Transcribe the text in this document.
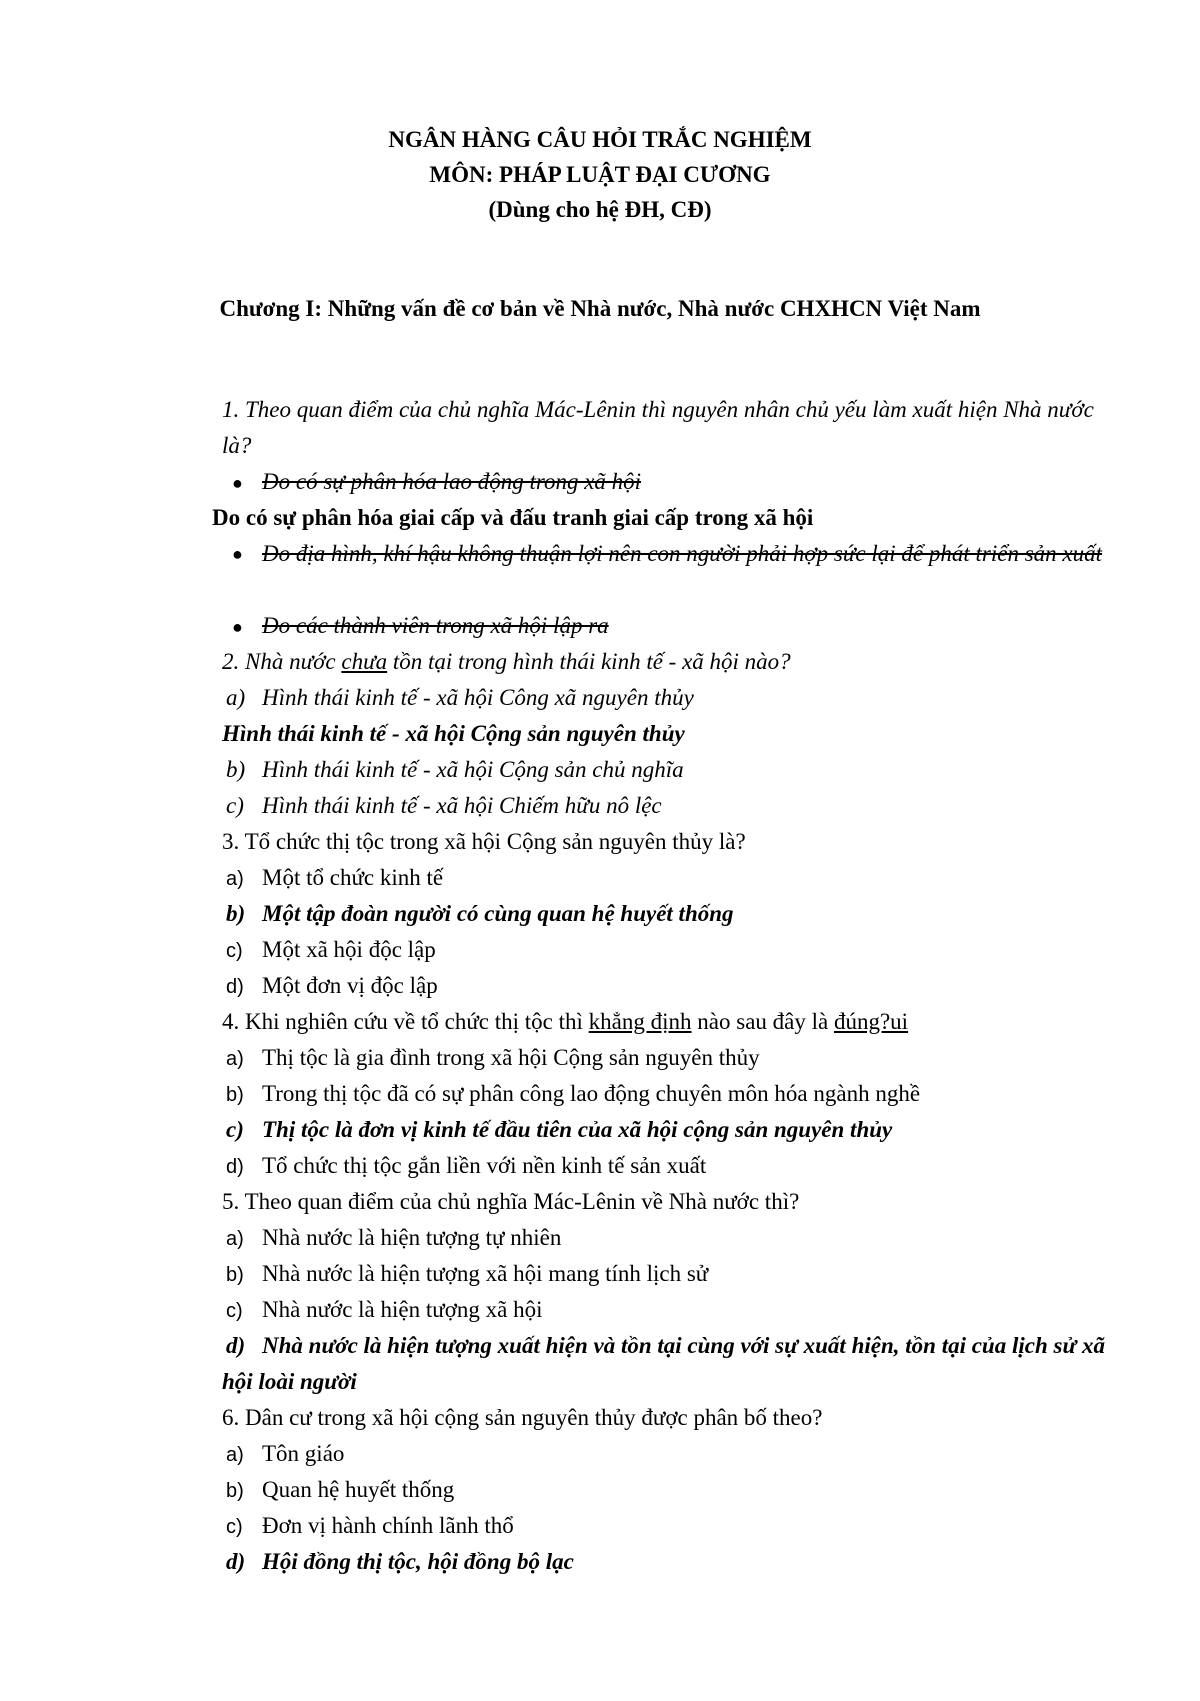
NGÂN HÀNG CÂU HỎI TRẮC NGHIỆM
MÔN: PHÁP LUẬT ĐẠI CƯƠNG
(Dùng cho hệ ĐH, CĐ)
Chương I: Những vấn đề cơ bản về Nhà nước, Nhà nước CHXHCN Việt Nam
1. Theo quan điểm của chủ nghĩa Mác-Lênin thì nguyên nhân chủ yếu làm xuất hiện Nhà nước là?
● Do có sự phân hóa lao động trong xã hội
Do có sự phân hóa giai cấp và đấu tranh giai cấp trong xã hội
● Do địa hình, khí hậu không thuận lợi nên con người phải hợp sức lại để phát triển sản xuất
● Do các thành viên trong xã hội lập ra
2. Nhà nước chưa tồn tại trong hình thái kinh tế - xã hội nào?
a) Hình thái kinh tế - xã hội Công xã nguyên thủy
Hình thái kinh tế - xã hội Cộng sản nguyên thủy
b) Hình thái kinh tế - xã hội Cộng sản chủ nghĩa
c) Hình thái kinh tế - xã hội Chiếm hữu nô lệc
3. Tổ chức thị tộc trong xã hội Cộng sản nguyên thủy là?
a) Một tổ chức kinh tế
b) Một tập đoàn người có cùng quan hệ huyết thống
c) Một xã hội độc lập
d) Một đơn vị độc lập
4. Khi nghiên cứu về tổ chức thị tộc thì khẳng định nào sau đây là đúng?ui
a) Thị tộc là gia đình trong xã hội Cộng sản nguyên thủy
b) Trong thị tộc đã có sự phân công lao động chuyên môn hóa ngành nghề
c) Thị tộc là đơn vị kinh tế đầu tiên của xã hội cộng sản nguyên thủy
d) Tổ chức thị tộc gắn liền với nền kinh tế sản xuất
5. Theo quan điểm của chủ nghĩa Mác-Lênin về Nhà nước thì?
a) Nhà nước là hiện tượng tự nhiên
b) Nhà nước là hiện tượng xã hội mang tính lịch sử
c) Nhà nước là hiện tượng xã hội
d) Nhà nước là hiện tượng xuất hiện và tồn tại cùng với sự xuất hiện, tồn tại của lịch sử xã hội loài người
6. Dân cư trong xã hội cộng sản nguyên thủy được phân bố theo?
a) Tôn giáo
b) Quan hệ huyết thống
c) Đơn vị hành chính lãnh thổ
d) Hội đồng thị tộc, hội đồng bộ lạc
